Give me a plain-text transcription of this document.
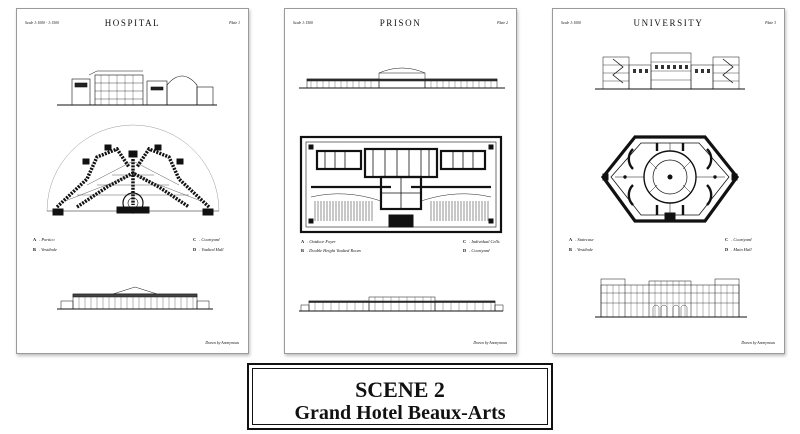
Scale 1:1000 - 1:1500	HOSPITAL	Plate 1
A . Portico	C . Courtyard
B . Vestibule	D . Vaulted Hall
Drawn by Anonymous
Scale 1:1500	PRISON	Plate 2
A . Outdoor Foyer	C . Individual Cells
B . Double Height Vaulted Room	D . Courtyard
Drawn by Anonymous
Scale 1:1000	UNIVERSITY	Plate 3
A . Staircase	C . Courtyard
B . Vestibule	D . Main Hall
Drawn by Anonymous
SCENE 2
Grand Hotel Beaux-Arts
